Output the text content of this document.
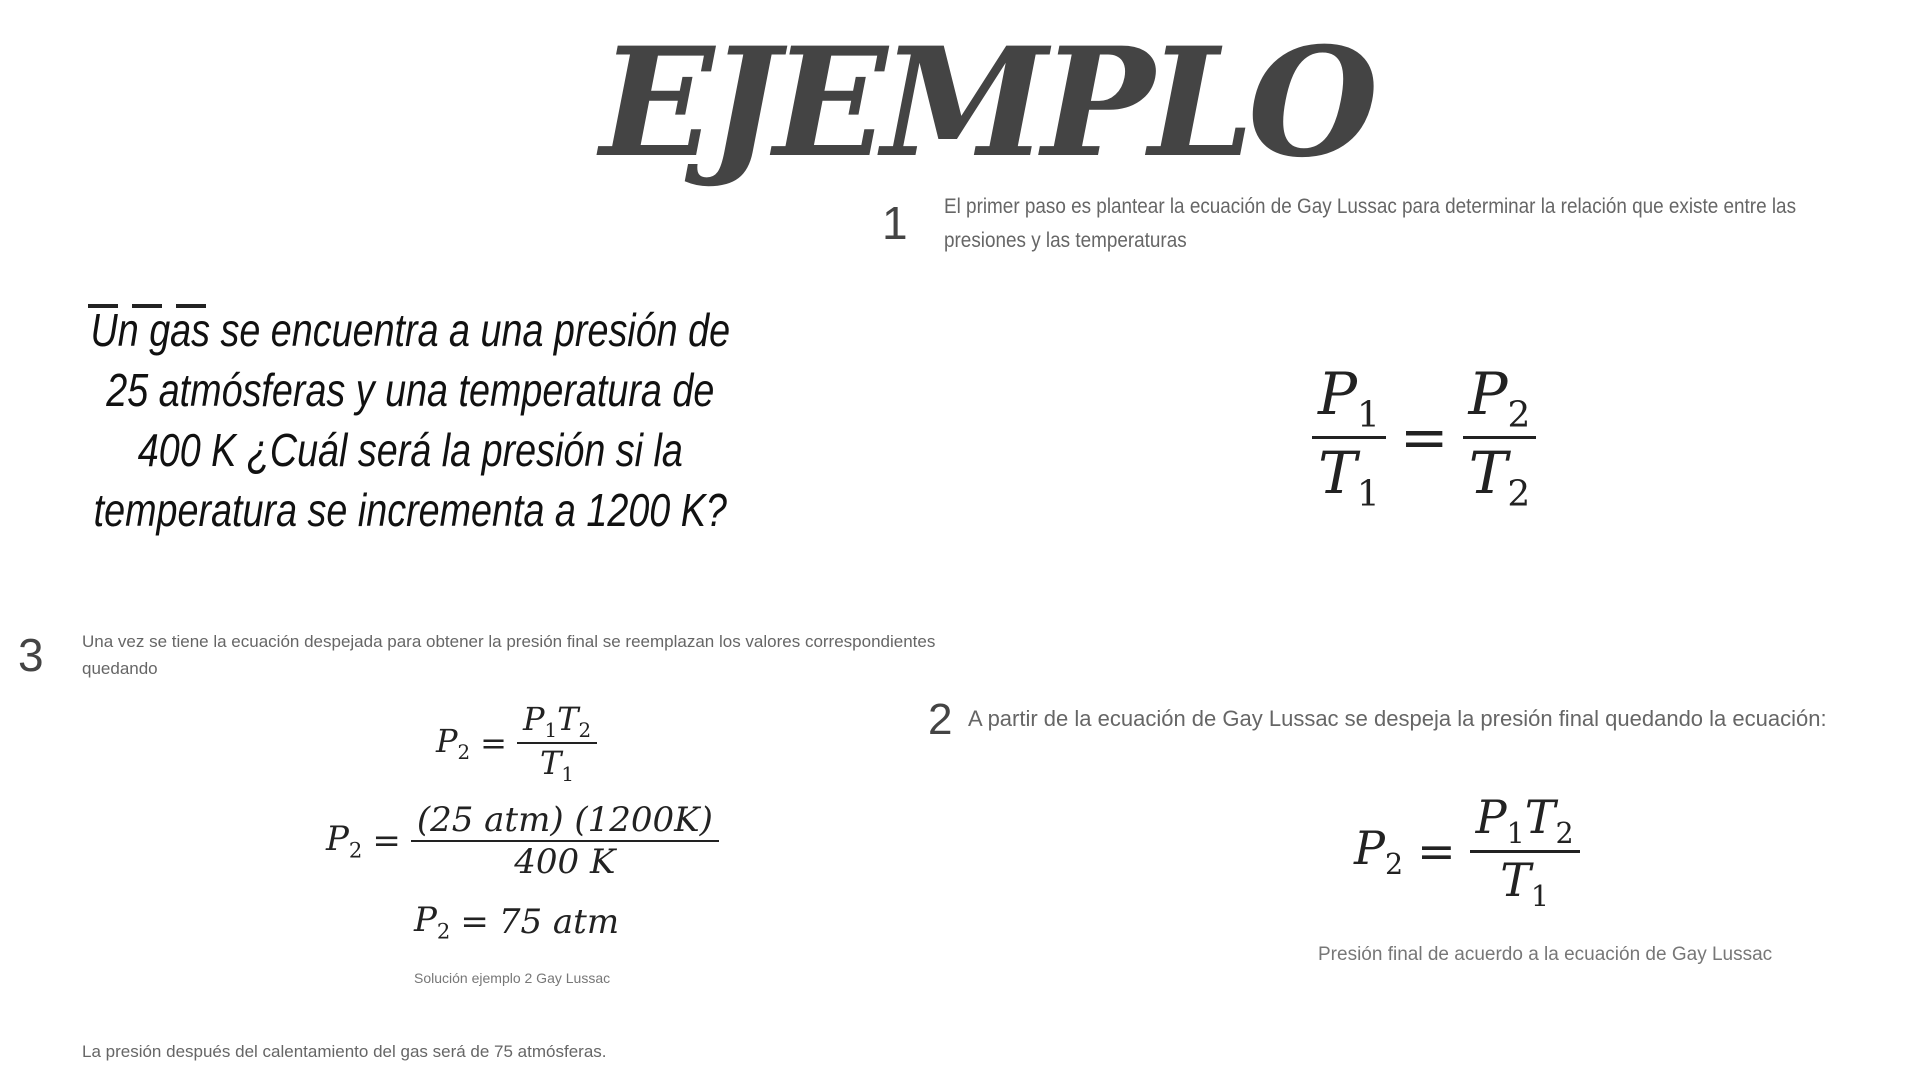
EJEMPLO
1 El primer paso es plantear la ecuación de Gay Lussac para determinar la relación que existe entre las presiones y las temperaturas
Un gas se encuentra a una presión de 25 atmósferas y una temperatura de 400 K ¿Cuál será la presión si la temperatura se incrementa a 1200 K?	$\frac{P_1}{T_1} = \frac{P_2}{T_2}$
3 Una vez se tiene la ecuación despejada para obtener la presión final se reemplazan los valores correspondientes quedando
$P_2 = \frac{P_1T_2}{T_1}$
$P_2 = \frac{\text{(25 atm) (1200K)}}{400 K}$
$P_2 = 75$ atm
Solución ejemplo 2 Gay Lussac
2 A partir de la ecuación de Gay Lussac se despeja la presión final quedando la ecuación:
$P_2 = \frac{P_1T_2}{T_1}$
Presión final de acuerdo a la ecuación de Gay Lussac
La presión después del calentamiento del gas será de 75 atmósferas.
